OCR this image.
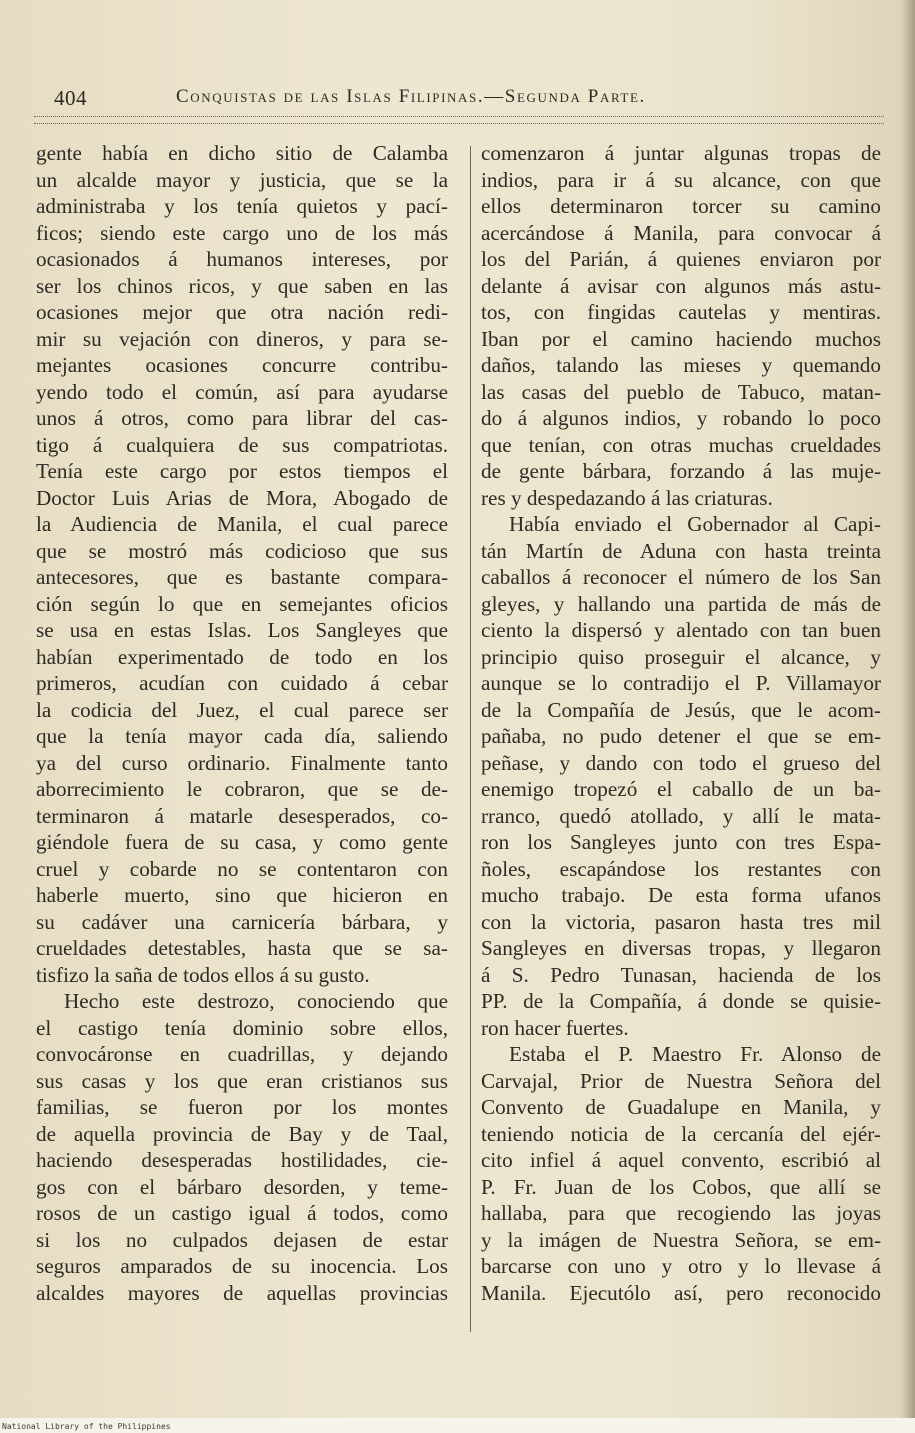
404	Conquistas de las Islas Filipinas.—Segunda Parte.
gente había en dicho sitio de Calamba
un alcalde mayor y justicia, que se la
administraba y los tenía quietos y pací-
ficos; siendo este cargo uno de los más
ocasionados á humanos intereses, por
ser los chinos ricos, y que saben en las
ocasiones mejor que otra nación redi-
mir su vejación con dineros, y para se-
mejantes ocasiones concurre contribu-
yendo todo el común, así para ayudarse
unos á otros, como para librar del cas-
tigo á cualquiera de sus compatriotas.
Tenía este cargo por estos tiempos el
Doctor Luis Arias de Mora, Abogado de
la Audiencia de Manila, el cual parece
que se mostró más codicioso que sus
antecesores, que es bastante compara-
ción según lo que en semejantes oficios
se usa en estas Islas. Los Sangleyes que
habían experimentado de todo en los
primeros, acudían con cuidado á cebar
la codicia del Juez, el cual parece ser
que la tenía mayor cada día, saliendo
ya del curso ordinario. Finalmente tanto
aborrecimiento le cobraron, que se de-
terminaron á matarle desesperados, co-
giéndole fuera de su casa, y como gente
cruel y cobarde no se contentaron con
haberle muerto, sino que hicieron en
su cadáver una carnicería bárbara, y
crueldades detestables, hasta que se sa-
tisfizo la saña de todos ellos á su gusto.
Hecho este destrozo, conociendo que
el castigo tenía dominio sobre ellos,
convocáronse en cuadrillas, y dejando
sus casas y los que eran cristianos sus
familias, se fueron por los montes
de aquella provincia de Bay y de Taal,
haciendo desesperadas hostilidades, cie-
gos con el bárbaro desorden, y teme-
rosos de un castigo igual á todos, como
si los no culpados dejasen de estar
seguros amparados de su inocencia. Los
alcaldes mayores de aquellas provincias
comenzaron á juntar algunas tropas de
indios, para ir á su alcance, con que
ellos determinaron torcer su camino
acercándose á Manila, para convocar á
los del Parián, á quienes enviaron por
delante á avisar con algunos más astu-
tos, con fingidas cautelas y mentiras.
Iban por el camino haciendo muchos
daños, talando las mieses y quemando
las casas del pueblo de Tabuco, matan-
do á algunos indios, y robando lo poco
que tenían, con otras muchas crueldades
de gente bárbara, forzando á las muje-
res y despedazando á las criaturas.
Había enviado el Gobernador al Capi-
tán Martín de Aduna con hasta treinta
caballos á reconocer el número de los San
gleyes, y hallando una partida de más de
ciento la dispersó y alentado con tan buen
principio quiso proseguir el alcance, y
aunque se lo contradijo el P. Villamayor
de la Compañía de Jesús, que le acom-
pañaba, no pudo detener el que se em-
peñase, y dando con todo el grueso del
enemigo tropezó el caballo de un ba-
rranco, quedó atollado, y allí le mata-
ron los Sangleyes junto con tres Espa-
ñoles, escapándose los restantes con
mucho trabajo. De esta forma ufanos
con la victoria, pasaron hasta tres mil
Sangleyes en diversas tropas, y llegaron
á S. Pedro Tunasan, hacienda de los
PP. de la Compañía, á donde se quisie-
ron hacer fuertes.
Estaba el P. Maestro Fr. Alonso de
Carvajal, Prior de Nuestra Señora del
Convento de Guadalupe en Manila, y
teniendo noticia de la cercanía del ejér-
cito infiel á aquel convento, escribió al
P. Fr. Juan de los Cobos, que allí se
hallaba, para que recogiendo las joyas
y la imágen de Nuestra Señora, se em-
barcarse con uno y otro y lo llevase á
Manila. Ejecutólo así, pero reconocido
National Library of the Philippines
